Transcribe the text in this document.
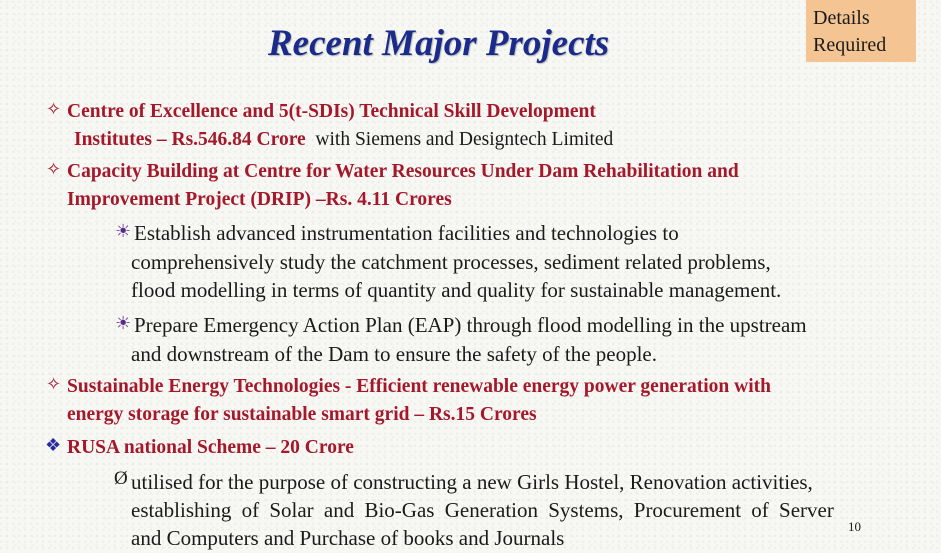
Recent Major Projects
Details
Required
✧ Centre of Excellence and 5(t-SDIs) Technical Skill Development
Institutes – Rs.546.84 Crore with Siemens and Designtech Limited
✧ Capacity Building at Centre for Water Resources Under Dam Rehabilitation and
Improvement Project (DRIP) –Rs. 4.11 Crores
☀ Establish advanced instrumentation facilities and technologies to
comprehensively study the catchment processes, sediment related problems,
flood modelling in terms of quantity and quality for sustainable management.
☀ Prepare Emergency Action Plan (EAP) through flood modelling in the upstream
and downstream of the Dam to ensure the safety of the people.
✧ Sustainable Energy Technologies - Efficient renewable energy power generation with
energy storage for sustainable smart grid – Rs.15 Crores
❖ RUSA national Scheme – 20 Crore
Ø utilised for the purpose of constructing a new Girls Hostel, Renovation activities,
establishing of Solar and Bio-Gas Generation Systems, Procurement of Server
and Computers and Purchase of books and Journals	10
